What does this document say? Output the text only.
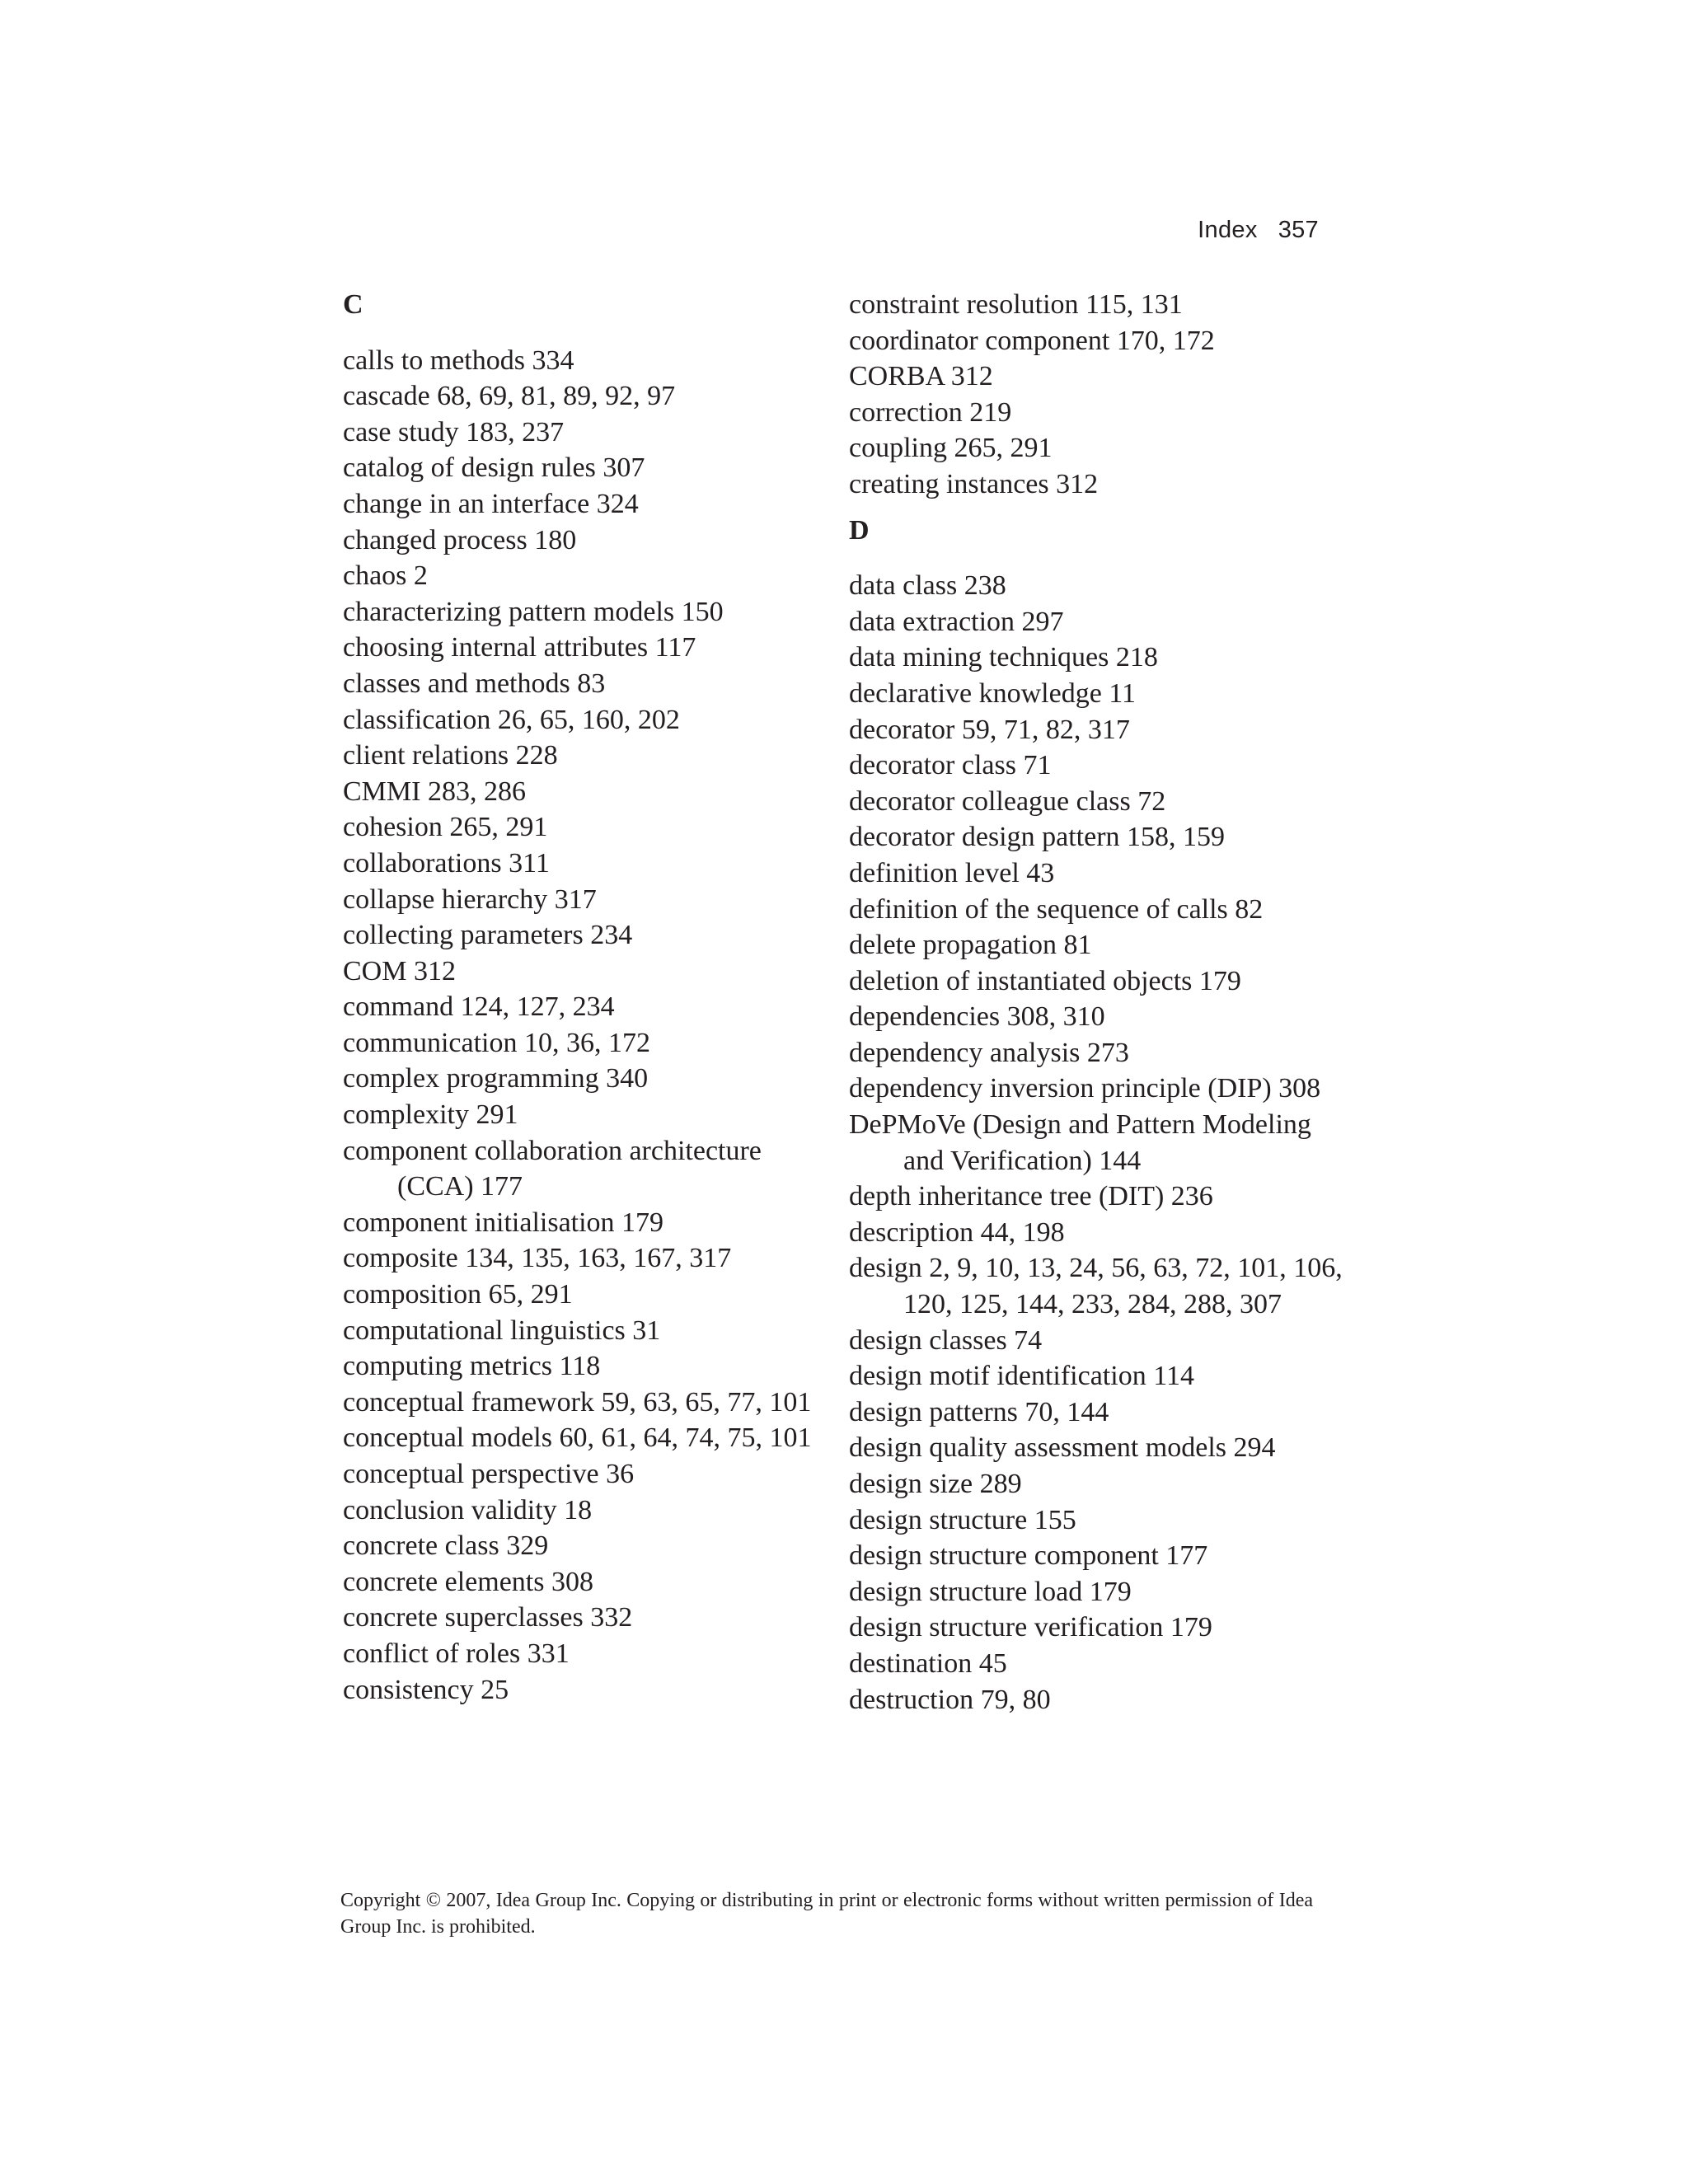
Index 357
C
calls to methods 334
cascade 68, 69, 81, 89, 92, 97
case study 183, 237
catalog of design rules 307
change in an interface 324
changed process 180
chaos 2
characterizing pattern models 150
choosing internal attributes 117
classes and methods 83
classification 26, 65, 160, 202
client relations 228
CMMI 283, 286
cohesion 265, 291
collaborations 311
collapse hierarchy 317
collecting parameters 234
COM 312
command 124, 127, 234
communication 10, 36, 172
complex programming 340
complexity 291
component collaboration architecture (CCA) 177
component initialisation 179
composite 134, 135, 163, 167, 317
composition 65, 291
computational linguistics 31
computing metrics 118
conceptual framework 59, 63, 65, 77, 101
conceptual models 60, 61, 64, 74, 75, 101
conceptual perspective 36
conclusion validity 18
concrete class 329
concrete elements 308
concrete superclasses 332
conflict of roles 331
consistency 25
constraint resolution 115, 131
coordinator component 170, 172
CORBA 312
correction 219
coupling 265, 291
creating instances 312
D
data class 238
data extraction 297
data mining techniques 218
declarative knowledge 11
decorator 59, 71, 82, 317
decorator class 71
decorator colleague class 72
decorator design pattern 158, 159
definition level 43
definition of the sequence of calls 82
delete propagation 81
deletion of instantiated objects 179
dependencies 308, 310
dependency analysis 273
dependency inversion principle (DIP) 308
DePMoVe (Design and Pattern Modeling and Verification) 144
depth inheritance tree (DIT) 236
description 44, 198
design 2, 9, 10, 13, 24, 56, 63, 72, 101, 106, 120, 125, 144, 233, 284, 288, 307
design classes 74
design motif identification 114
design patterns 70, 144
design quality assessment models 294
design size 289
design structure 155
design structure component 177
design structure load 179
design structure verification 179
destination 45
destruction 79, 80
Copyright © 2007, Idea Group Inc. Copying or distributing in print or electronic forms without written permission of Idea Group Inc. is prohibited.
